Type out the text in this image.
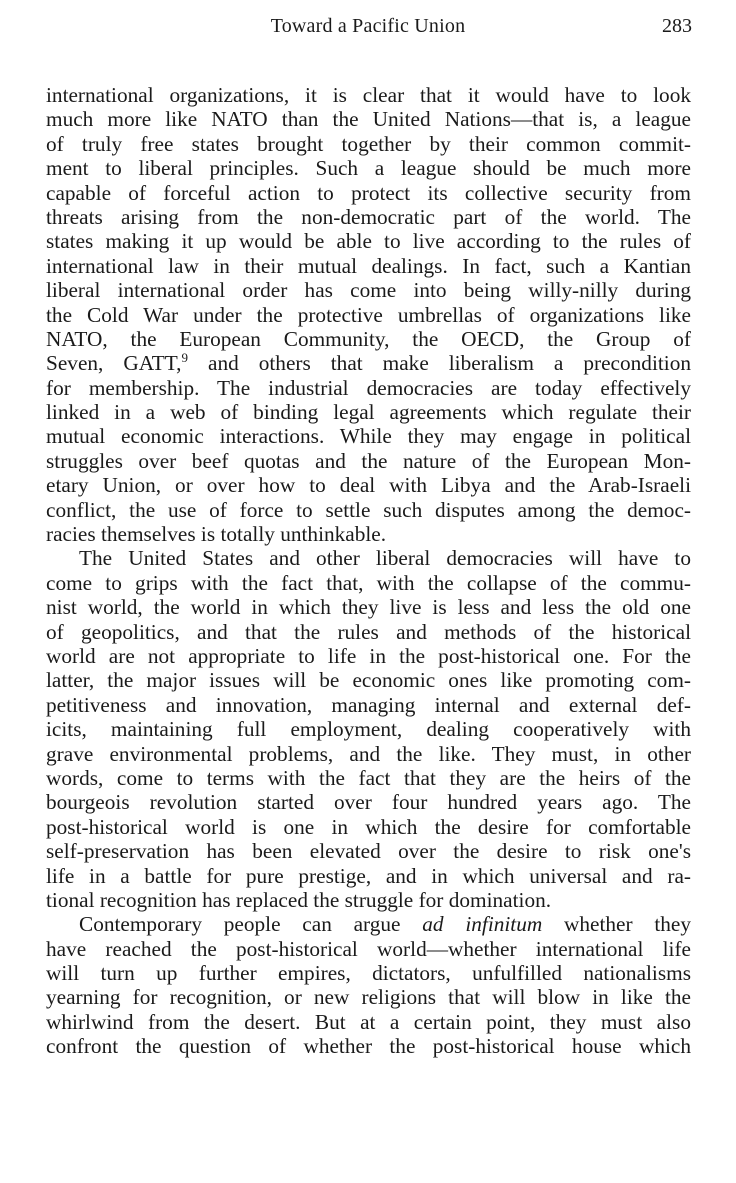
Toward a Pacific Union	283
international organizations, it is clear that it would have to look
much more like NATO than the United Nations—that is, a league
of truly free states brought together by their common commit-
ment to liberal principles. Such a league should be much more
capable of forceful action to protect its collective security from
threats arising from the non-democratic part of the world. The
states making it up would be able to live according to the rules of
international law in their mutual dealings. In fact, such a Kantian
liberal international order has come into being willy-nilly during
the Cold War under the protective umbrellas of organizations like
NATO, the European Community, the OECD, the Group of
Seven, GATT,$^9$ and others that make liberalism a precondition
for membership. The industrial democracies are today effectively
linked in a web of binding legal agreements which regulate their
mutual economic interactions. While they may engage in political
struggles over beef quotas and the nature of the European Mon-
etary Union, or over how to deal with Libya and the Arab-Israeli
conflict, the use of force to settle such disputes among the democ-
racies themselves is totally unthinkable.
The United States and other liberal democracies will have to
come to grips with the fact that, with the collapse of the commu-
nist world, the world in which they live is less and less the old one
of geopolitics, and that the rules and methods of the historical
world are not appropriate to life in the post-historical one. For the
latter, the major issues will be economic ones like promoting com-
petitiveness and innovation, managing internal and external def-
icits, maintaining full employment, dealing cooperatively with
grave environmental problems, and the like. They must, in other
words, come to terms with the fact that they are the heirs of the
bourgeois revolution started over four hundred years ago. The
post-historical world is one in which the desire for comfortable
self-preservation has been elevated over the desire to risk one's
life in a battle for pure prestige, and in which universal and ra-
tional recognition has replaced the struggle for domination.
Contemporary people can argue ad infinitum whether they
have reached the post-historical world—whether international life
will turn up further empires, dictators, unfulfilled nationalisms
yearning for recognition, or new religions that will blow in like the
whirlwind from the desert. But at a certain point, they must also
confront the question of whether the post-historical house which
